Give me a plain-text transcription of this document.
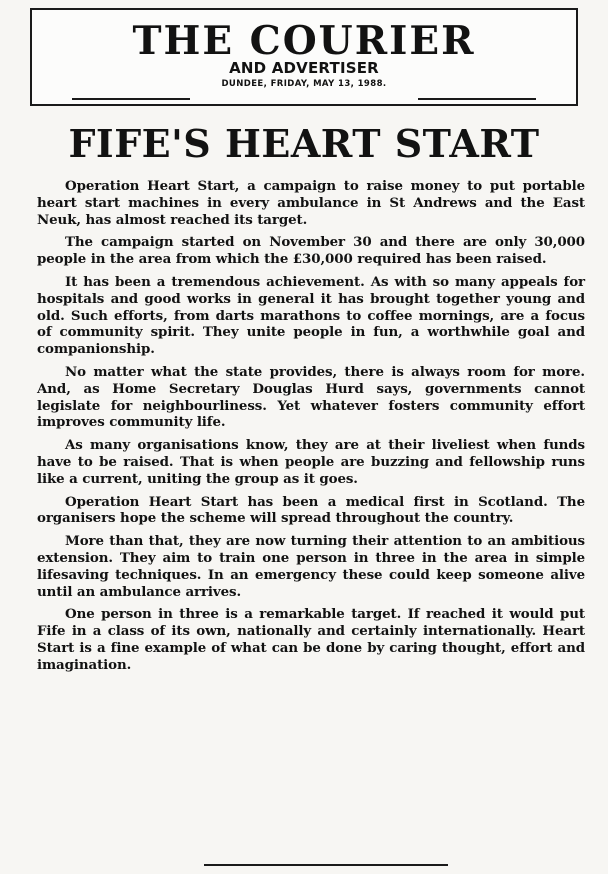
THE COURIER
AND ADVERTISER
DUNDEE, FRIDAY, MAY 13, 1988.
FIFE'S HEART START

Operation Heart Start, a campaign to raise money to put portable heart start machines in every ambulance in St Andrews and the East Neuk, has almost reached its target.

The campaign started on November 30 and there are only 30,000 people in the area from which the £30,000 required has been raised.

It has been a tremendous achievement. As with so many appeals for hospitals and good works in general it has brought together young and old. Such efforts, from darts marathons to coffee mornings, are a focus of community spirit. They unite people in fun, a worthwhile goal and companionship.

No matter what the state provides, there is always room for more. And, as Home Secretary Douglas Hurd says, governments cannot legislate for neighbourliness. Yet whatever fosters community effort improves community life.

As many organisations know, they are at their liveliest when funds have to be raised. That is when people are buzzing and fellowship runs like a current, uniting the group as it goes.

Operation Heart Start has been a medical first in Scotland. The organisers hope the scheme will spread throughout the country.

More than that, they are now turning their attention to an ambitious extension. They aim to train one person in three in the area in simple lifesaving techniques. In an emergency these could keep someone alive until an ambulance arrives.

One person in three is a remarkable target. If reached it would put Fife in a class of its own, nationally and certainly internationally. Heart Start is a fine example of what can be done by caring thought, effort and imagination.
